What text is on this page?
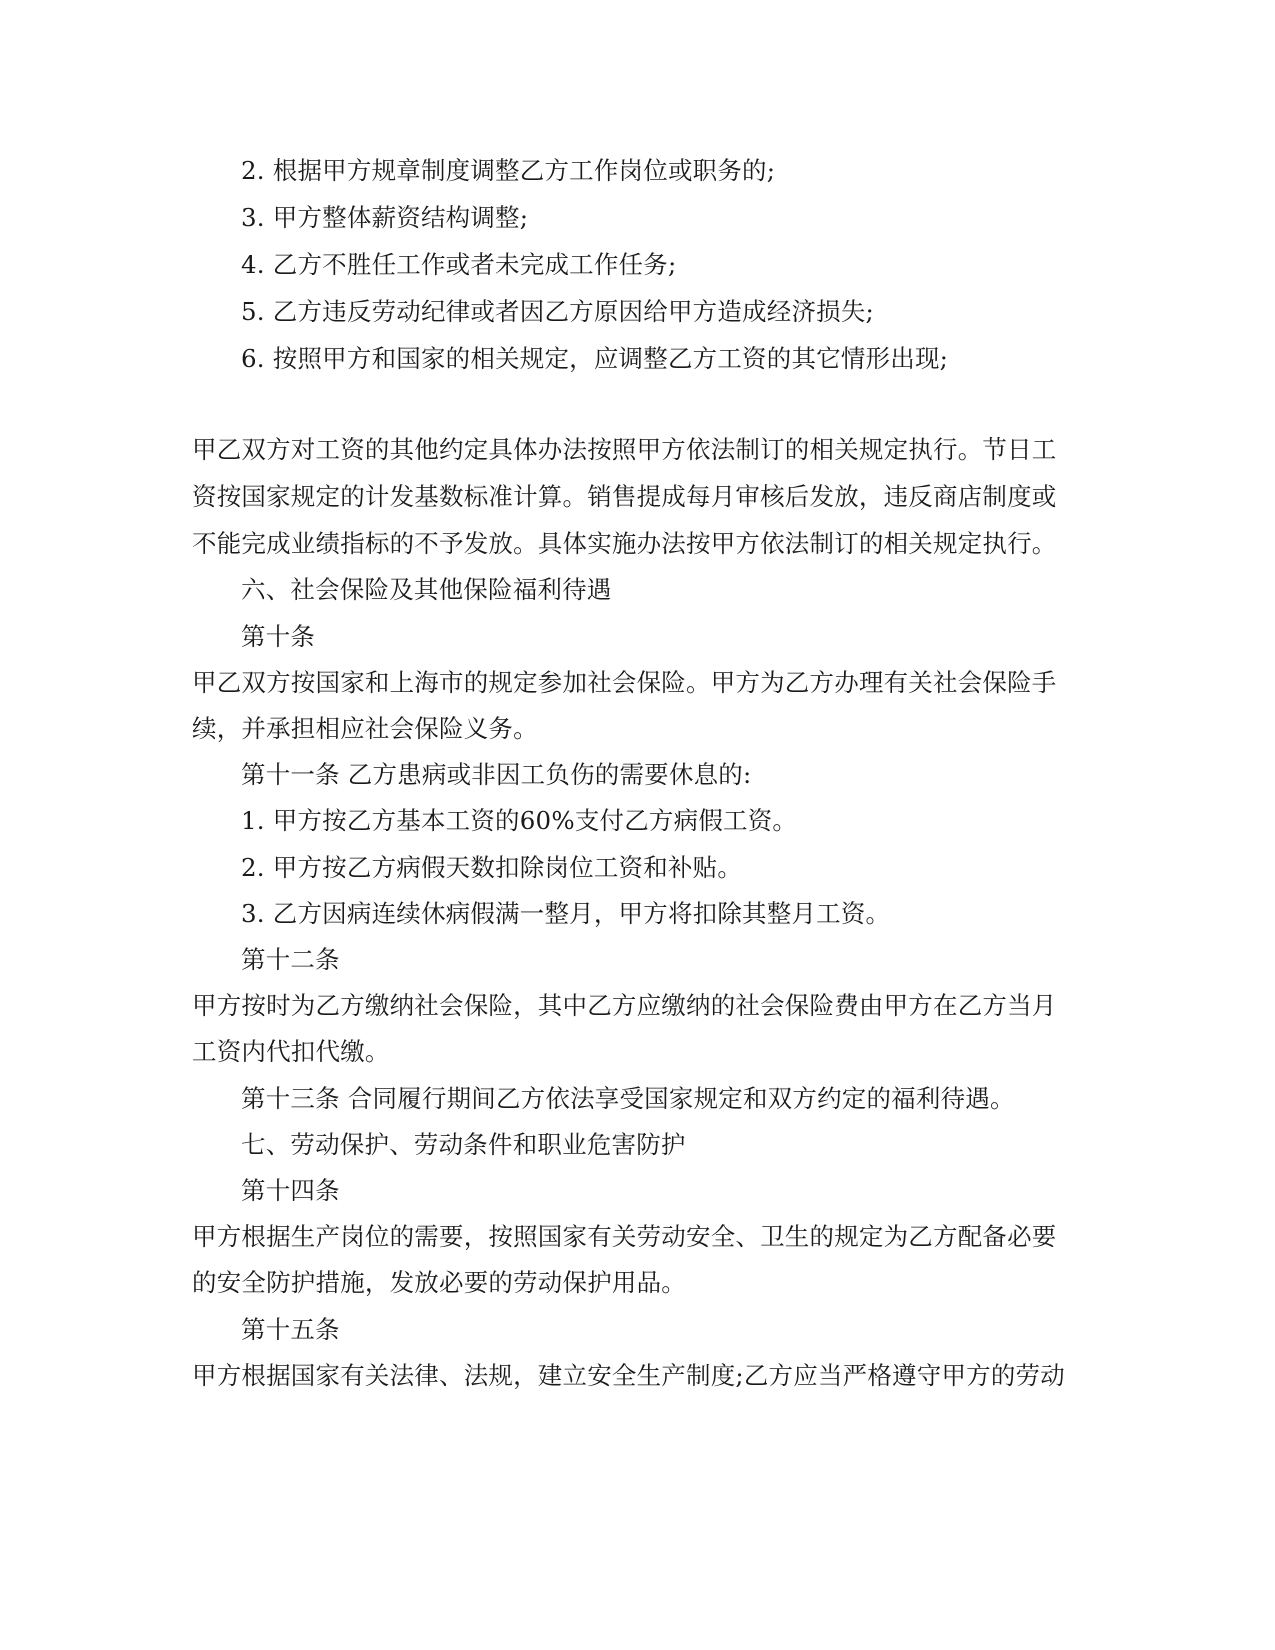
2. 根据甲方规章制度调整乙方工作岗位或职务的;
3. 甲方整体薪资结构调整;
4. 乙方不胜任工作或者未完成工作任务;
5. 乙方违反劳动纪律或者因乙方原因给甲方造成经济损失;
6. 按照甲方和国家的相关规定，应调整乙方工资的其它情形出现;
甲乙双方对工资的其他约定具体办法按照甲方依法制订的相关规定执行。节日工
资按国家规定的计发基数标准计算。销售提成每月审核后发放，违反商店制度或
不能完成业绩指标的不予发放。具体实施办法按甲方依法制订的相关规定执行。
六、社会保险及其他保险福利待遇
第十条
甲乙双方按国家和上海市的规定参加社会保险。甲方为乙方办理有关社会保险手
续，并承担相应社会保险义务。
第十一条 乙方患病或非因工负伤的需要休息的:
1. 甲方按乙方基本工资的60%支付乙方病假工资。
2. 甲方按乙方病假天数扣除岗位工资和补贴。
3. 乙方因病连续休病假满一整月，甲方将扣除其整月工资。
第十二条
甲方按时为乙方缴纳社会保险，其中乙方应缴纳的社会保险费由甲方在乙方当月
工资内代扣代缴。
第十三条 合同履行期间乙方依法享受国家规定和双方约定的福利待遇。
七、劳动保护、劳动条件和职业危害防护
第十四条
甲方根据生产岗位的需要，按照国家有关劳动安全、卫生的规定为乙方配备必要
的安全防护措施，发放必要的劳动保护用品。
第十五条
甲方根据国家有关法律、法规，建立安全生产制度;乙方应当严格遵守甲方的劳动
